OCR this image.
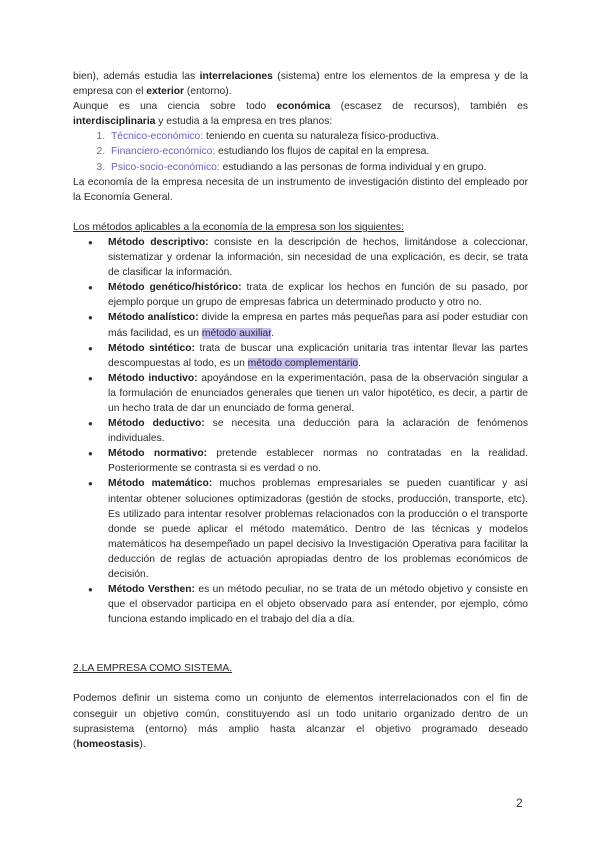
bien), además estudia las interrelaciones (sistema) entre los elementos de la empresa y de la empresa con el exterior (entorno).

Aunque es una ciencia sobre todo económica (escasez de recursos), también es interdisciplinaria y estudia a la empresa en tres planos:

1. Técnico-económico: teniendo en cuenta su naturaleza físico-productiva.
2. Financiero-económico: estudiando los flujos de capital en la empresa.
3. Psico-socio-económico: estudiando a las personas de forma individual y en grupo.

La economía de la empresa necesita de un instrumento de investigación distinto del empleado por la Economía General.

Los métodos aplicables a la economía de la empresa son los siguientes:

● Método descriptivo: consiste en la descripción de hechos, limitándose a coleccionar, sistematizar y ordenar la información, sin necesidad de una explicación, es decir, se trata de clasificar la información.
● Método genético/histórico: trata de explicar los hechos en función de su pasado, por ejemplo porque un grupo de empresas fabrica un determinado producto y otro no.
● Método analístico: divide la empresa en partes más pequeñas para así poder estudiar con más facilidad, es un método auxiliar.
● Método sintético: trata de buscar una explicación unitaria tras intentar llevar las partes descompuestas al todo, es un método complementario.
● Método inductivo: apoyándose en la experimentación, pasa de la observación singular a la formulación de enunciados generales que tienen un valor hipotético, es decir, a partir de un hecho trata de dar un enunciado de forma general.
● Método deductivo: se necesita una deducción para la aclaración de fenómenos individuales.
● Método normativo: pretende establecer normas no contratadas en la realidad. Posteriormente se contrasta si es verdad o no.
● Método matemático: muchos problemas empresariales se pueden cuantificar y así intentar obtener soluciones optimizadoras (gestión de stocks, producción, transporte, etc). Es utilizado para intentar resolver problemas relacionados con la producción o el transporte donde se puede aplicar el método matemático. Dentro de las técnicas y modelos matemáticos ha desempeñado un papel decisivo la Investigación Operativa para facilitar la deducción de reglas de actuación apropiadas dentro de los problemas económicos de decisión.
● Método Versthen: es un método peculiar, no se trata de un método objetivo y consiste en que el observador participa en el objeto observado para así entender, por ejemplo, cómo funciona estando implicado en el trabajo del día a día.

2.LA EMPRESA COMO SISTEMA.

Podemos definir un sistema como un conjunto de elementos interrelacionados con el fin de conseguir un objetivo común, constituyendo así un todo unitario organizado dentro de un suprasistema (entorno) más amplio hasta alcanzar el objetivo programado deseado (homeostasis).

2
